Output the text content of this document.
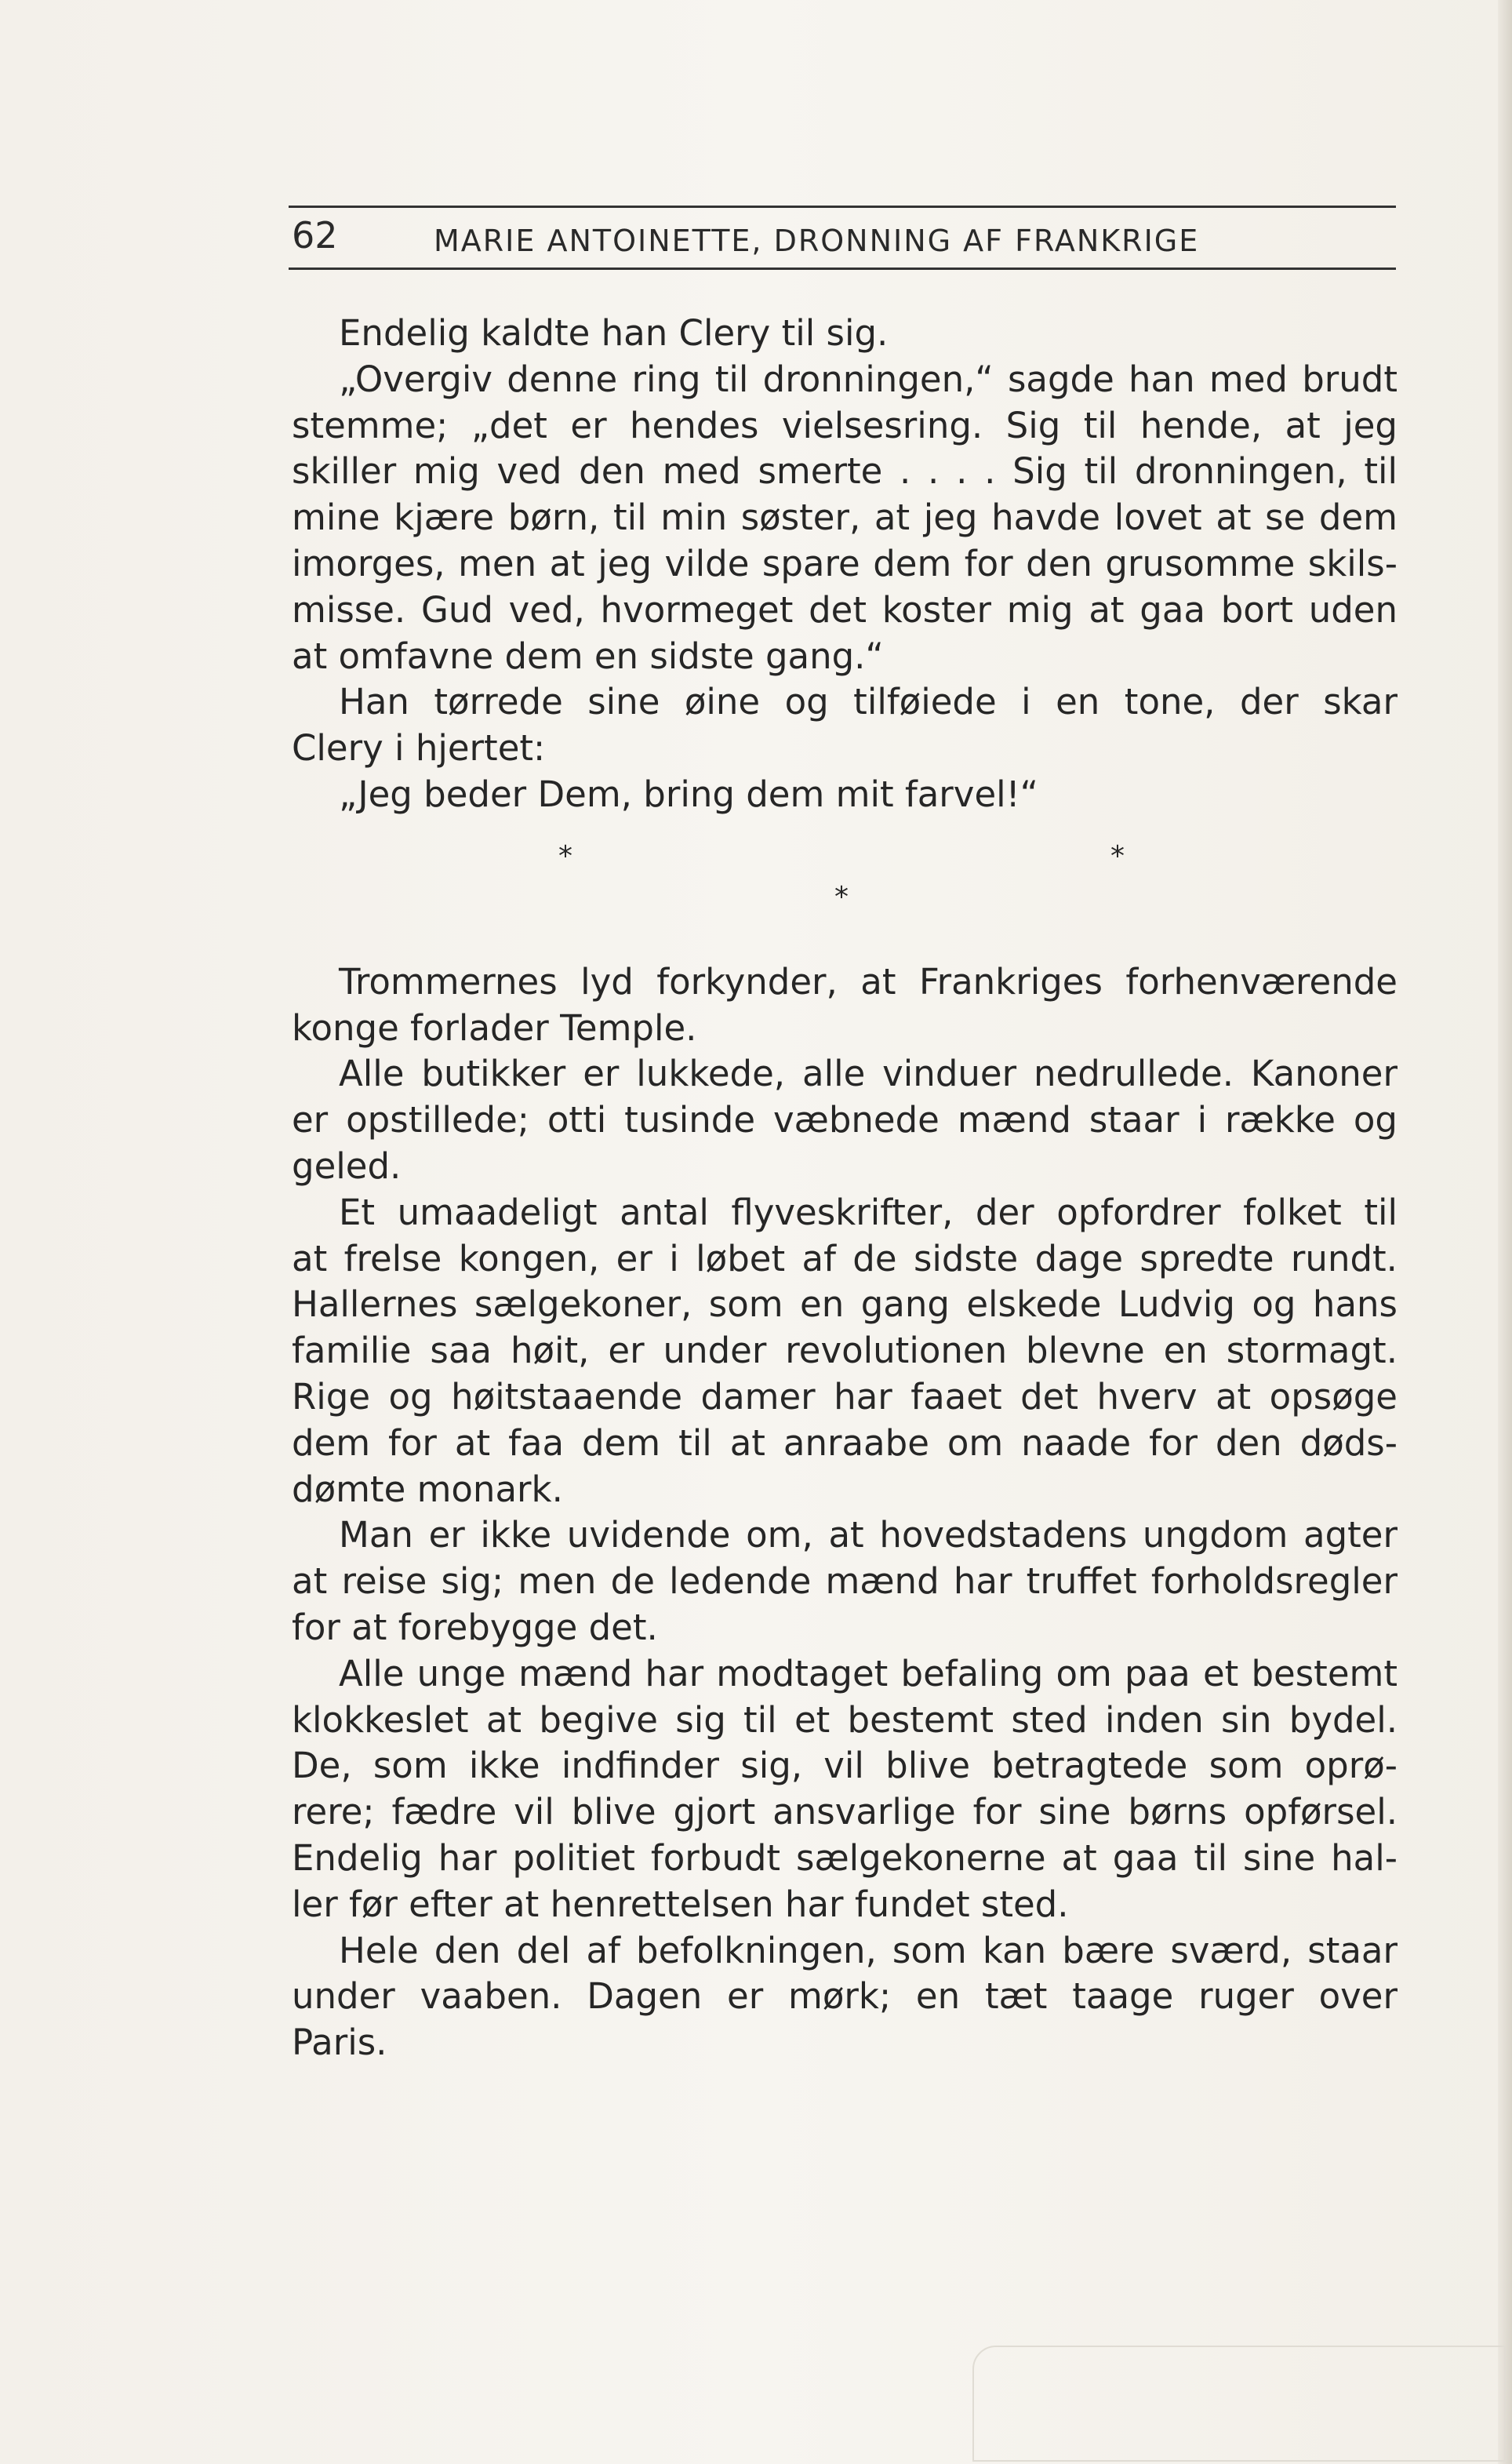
62	MARIE ANTOINETTE, DRONNING AF FRANKRIGE
Endelig kaldte han Clery til sig.
„Overgiv denne ring til dronningen,“ sagde han med brudt
stemme; „det er hendes vielsesring. Sig til hende, at jeg
skiller mig ved den med smerte . . . . Sig til dronningen, til
mine kjære børn, til min søster, at jeg havde lovet at se dem
imorges, men at jeg vilde spare dem for den grusomme skils-
misse. Gud ved, hvormeget det koster mig at gaa bort uden
at omfavne dem en sidste gang.“
Han tørrede sine øine og tilføiede i en tone, der skar
Clery i hjertet:
„Jeg beder Dem, bring dem mit farvel!“
*	*
*
Trommernes lyd forkynder, at Frankriges forhenværende
konge forlader Temple.
Alle butikker er lukkede, alle vinduer nedrullede. Kanoner
er opstillede; otti tusinde væbnede mænd staar i række og
geled.
Et umaadeligt antal flyveskrifter, der opfordrer folket til
at frelse kongen, er i løbet af de sidste dage spredte rundt.
Hallernes sælgekoner, som en gang elskede Ludvig og hans
familie saa høit, er under revolutionen blevne en stormagt.
Rige og høitstaaende damer har faaet det hverv at opsøge
dem for at faa dem til at anraabe om naade for den døds-
dømte monark.
Man er ikke uvidende om, at hovedstadens ungdom agter
at reise sig; men de ledende mænd har truffet forholdsregler
for at forebygge det.
Alle unge mænd har modtaget befaling om paa et bestemt
klokkeslet at begive sig til et bestemt sted inden sin bydel.
De, som ikke indfinder sig, vil blive betragtede som oprø-
rere; fædre vil blive gjort ansvarlige for sine børns opførsel.
Endelig har politiet forbudt sælgekonerne at gaa til sine hal-
ler før efter at henrettelsen har fundet sted.
Hele den del af befolkningen, som kan bære sværd, staar
under vaaben. Dagen er mørk; en tæt taage ruger over
Paris.
